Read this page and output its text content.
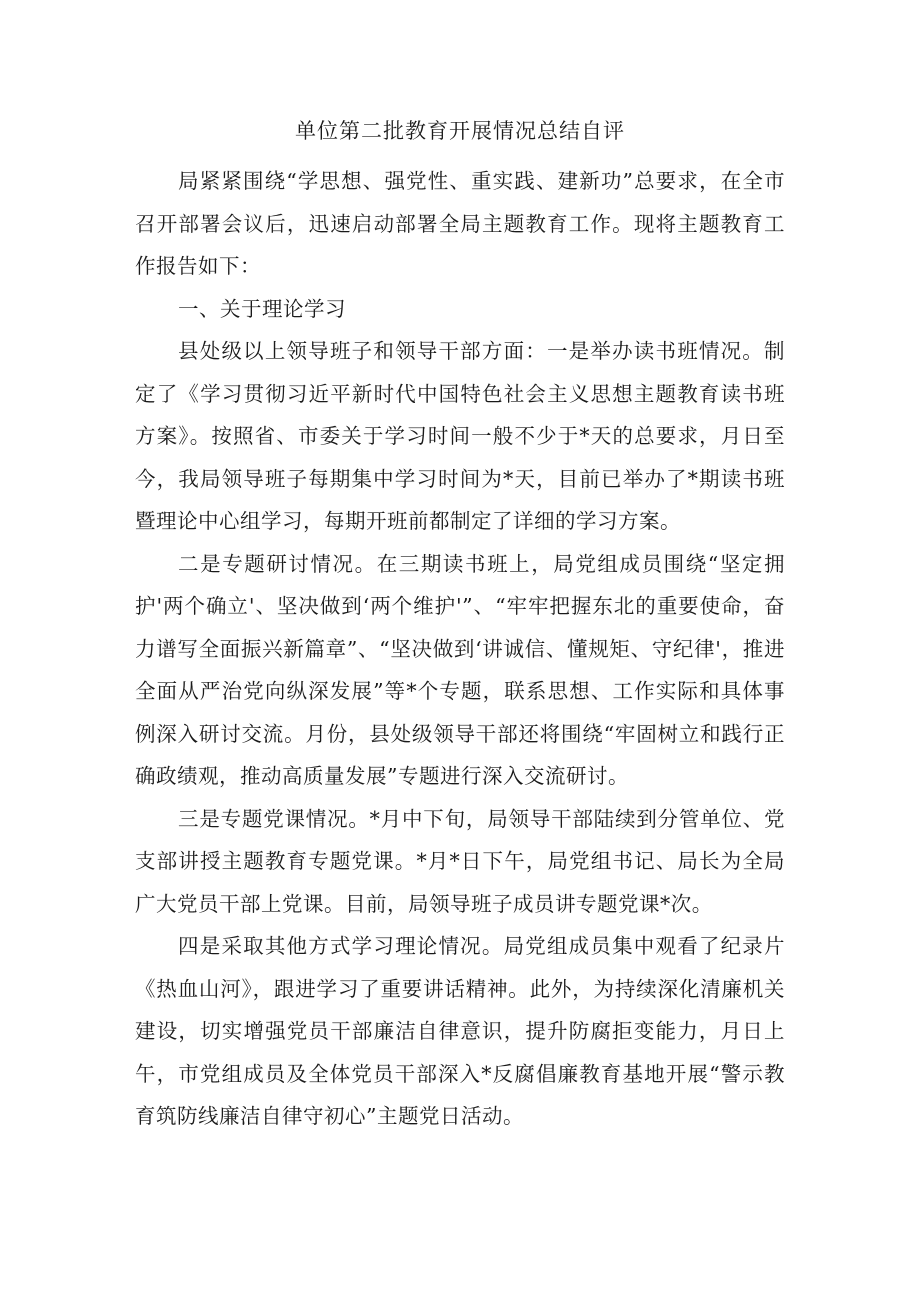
单位第二批教育开展情况总结自评

局紧紧围绕“学思想、强党性、重实践、建新功”总要求，在全市召开部署会议后，迅速启动部署全局主题教育工作。现将主题教育工作报告如下：

一、关于理论学习

县处级以上领导班子和领导干部方面：一是举办读书班情况。制定了《学习贯彻习近平新时代中国特色社会主义思想主题教育读书班方案》。按照省、市委关于学习时间一般不少于*天的总要求，月日至今，我局领导班子每期集中学习时间为*天，目前已举办了*期读书班暨理论中心组学习，每期开班前都制定了详细的学习方案。

二是专题研讨情况。在三期读书班上，局党组成员围绕“坚定拥护'两个确立'、坚决做到‘两个维护'”、“牢牢把握东北的重要使命，奋力谱写全面振兴新篇章”、“坚决做到‘讲诚信、懂规矩、守纪律'，推进全面从严治党向纵深发展”等*个专题，联系思想、工作实际和具体事例深入研讨交流。月份，县处级领导干部还将围绕“牢固树立和践行正确政绩观，推动高质量发展”专题进行深入交流研讨。

三是专题党课情况。*月中下旬，局领导干部陆续到分管单位、党支部讲授主题教育专题党课。*月*日下午，局党组书记、局长为全局广大党员干部上党课。目前，局领导班子成员讲专题党课*次。

四是采取其他方式学习理论情况。局党组成员集中观看了纪录片《热血山河》，跟进学习了重要讲话精神。此外，为持续深化清廉机关建设，切实增强党员干部廉洁自律意识，提升防腐拒变能力，月日上午，市党组成员及全体党员干部深入*反腐倡廉教育基地开展“警示教育筑防线廉洁自律守初心”主题党日活动。
